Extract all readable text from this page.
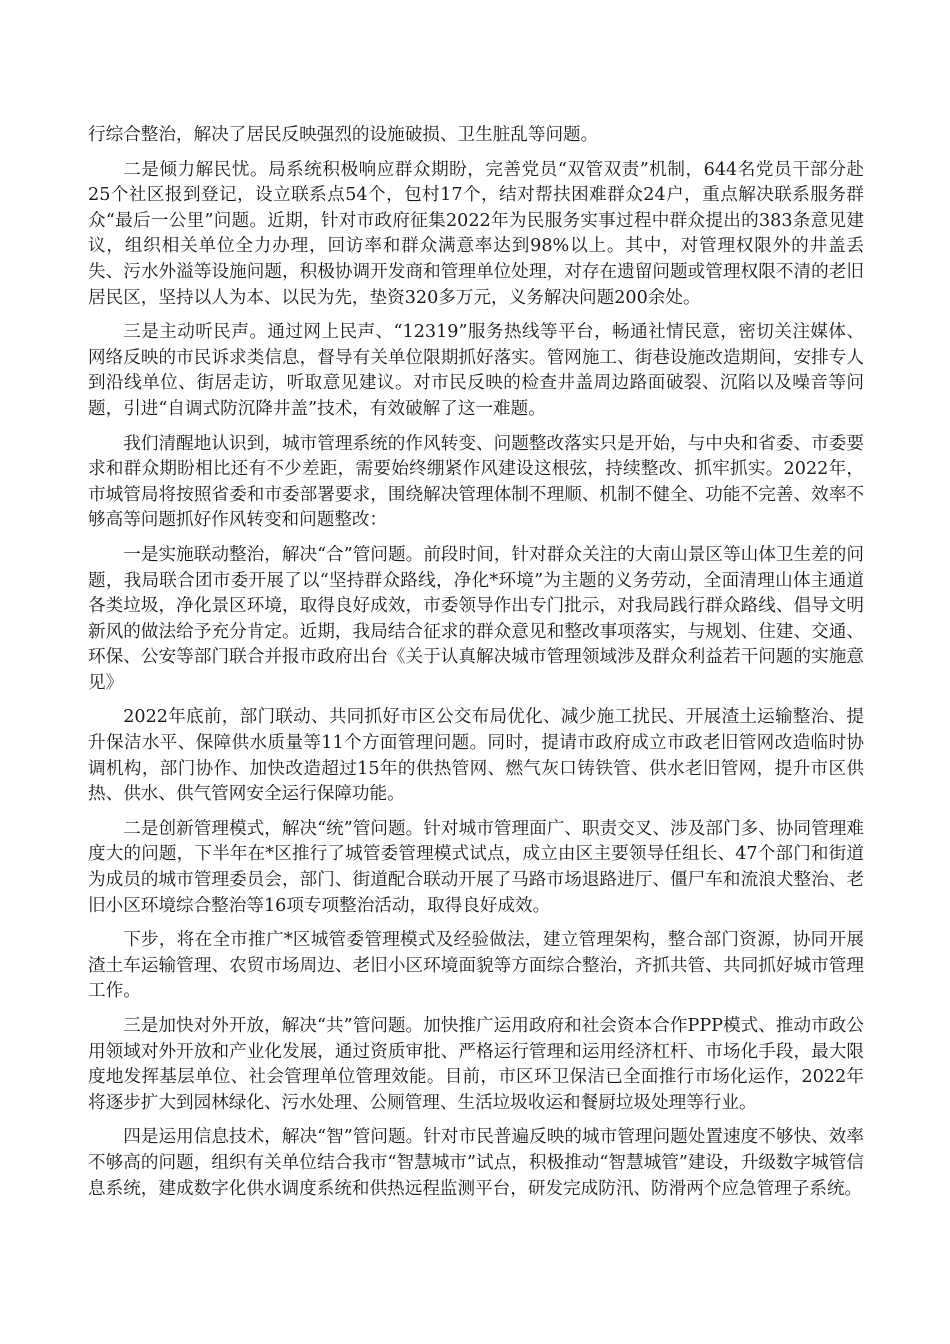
行综合整治，解决了居民反映强烈的设施破损、卫生脏乱等问题。

二是倾力解民忧。局系统积极响应群众期盼，完善党员“双管双责”机制，644名党员干部分赴25个社区报到登记，设立联系点54个，包村17个，结对帮扶困难群众24户，重点解决联系服务群众“最后一公里”问题。近期，针对市政府征集2022年为民服务实事过程中群众提出的383条意见建议，组织相关单位全力办理，回访率和群众满意率达到98%以上。其中，对管理权限外的井盖丢失、污水外溢等设施问题，积极协调开发商和管理单位处理，对存在遗留问题或管理权限不清的老旧居民区，坚持以人为本、以民为先，垫资320多万元，义务解决问题200余处。

三是主动听民声。通过网上民声、“12319”服务热线等平台，畅通社情民意，密切关注媒体、网络反映的市民诉求类信息，督导有关单位限期抓好落实。管网施工、街巷设施改造期间，安排专人到沿线单位、街居走访，听取意见建议。对市民反映的检查井盖周边路面破裂、沉陷以及噪音等问题，引进“自调式防沉降井盖”技术，有效破解了这一难题。

我们清醒地认识到，城市管理系统的作风转变、问题整改落实只是开始，与中央和省委、市委要求和群众期盼相比还有不少差距，需要始终绷紧作风建设这根弦，持续整改、抓牢抓实。2022年，市城管局将按照省委和市委部署要求，围绕解决管理体制不理顺、机制不健全、功能不完善、效率不够高等问题抓好作风转变和问题整改：

一是实施联动整治，解决“合”管问题。前段时间，针对群众关注的大南山景区等山体卫生差的问题，我局联合团市委开展了以“坚持群众路线，净化*环境”为主题的义务劳动，全面清理山体主通道各类垃圾，净化景区环境，取得良好成效，市委领导作出专门批示，对我局践行群众路线、倡导文明新风的做法给予充分肯定。近期，我局结合征求的群众意见和整改事项落实，与规划、住建、交通、环保、公安等部门联合并报市政府出台《关于认真解决城市管理领域涉及群众利益若干问题的实施意见》

2022年底前，部门联动、共同抓好市区公交布局优化、减少施工扰民、开展渣土运输整治、提升保洁水平、保障供水质量等11个方面管理问题。同时，提请市政府成立市政老旧管网改造临时协调机构，部门协作、加快改造超过15年的供热管网、燃气灰口铸铁管、供水老旧管网，提升市区供热、供水、供气管网安全运行保障功能。

二是创新管理模式，解决“统”管问题。针对城市管理面广、职责交叉、涉及部门多、协同管理难度大的问题，下半年在*区推行了城管委管理模式试点，成立由区主要领导任组长、47个部门和街道为成员的城市管理委员会，部门、街道配合联动开展了马路市场退路进厅、僵尸车和流浪犬整治、老旧小区环境综合整治等16项专项整治活动，取得良好成效。

下步，将在全市推广*区城管委管理模式及经验做法，建立管理架构，整合部门资源，协同开展渣土车运输管理、农贸市场周边、老旧小区环境面貌等方面综合整治，齐抓共管、共同抓好城市管理工作。

三是加快对外开放，解决“共”管问题。加快推广运用政府和社会资本合作PPP模式、推动市政公用领域对外开放和产业化发展，通过资质审批、严格运行管理和运用经济杠杆、市场化手段，最大限度地发挥基层单位、社会管理单位管理效能。目前，市区环卫保洁已全面推行市场化运作，2022年将逐步扩大到园林绿化、污水处理、公厕管理、生活垃圾收运和餐厨垃圾处理等行业。

四是运用信息技术，解决“智”管问题。针对市民普遍反映的城市管理问题处置速度不够快、效率不够高的问题，组织有关单位结合我市“智慧城市”试点，积极推动“智慧城管”建设，升级数字城管信息系统，建成数字化供水调度系统和供热远程监测平台，研发完成防汛、防滑两个应急管理子系统。
